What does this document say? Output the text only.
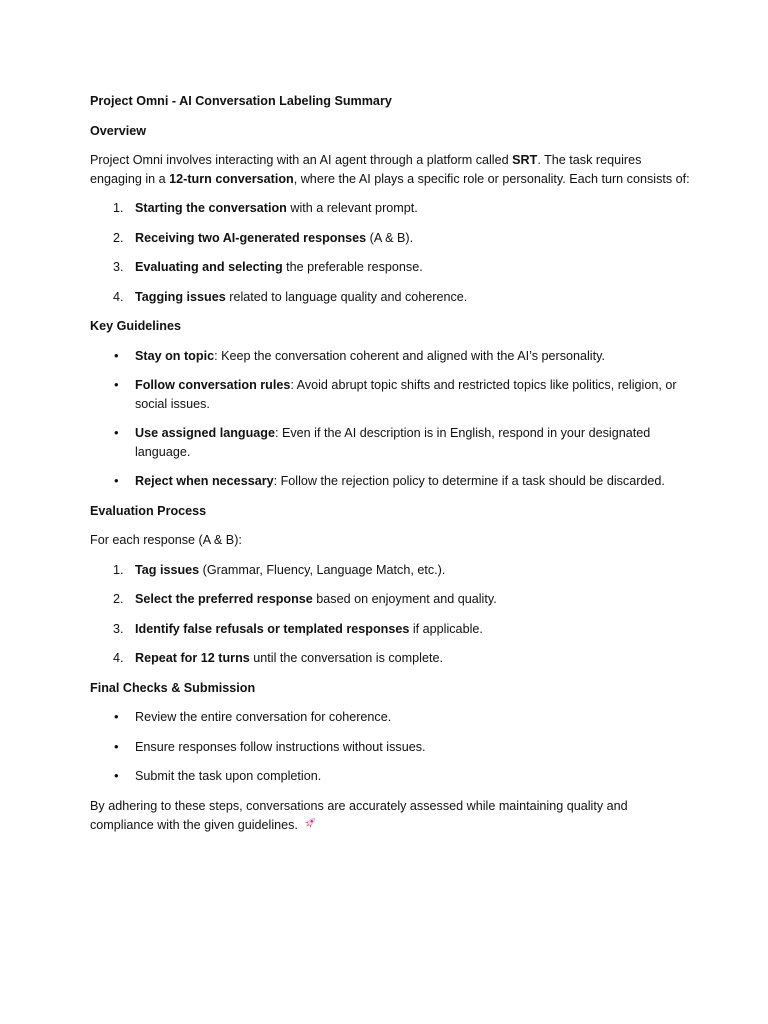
Project Omni - AI Conversation Labeling Summary

Overview

Project Omni involves interacting with an AI agent through a platform called SRT. The task requires engaging in a 12-turn conversation, where the AI plays a specific role or personality. Each turn consists of:

1. Starting the conversation with a relevant prompt.
2. Receiving two AI-generated responses (A & B).
3. Evaluating and selecting the preferable response.
4. Tagging issues related to language quality and coherence.

Key Guidelines

• Stay on topic: Keep the conversation coherent and aligned with the AI’s personality.
• Follow conversation rules: Avoid abrupt topic shifts and restricted topics like politics, religion, or social issues.
• Use assigned language: Even if the AI description is in English, respond in your designated language.
• Reject when necessary: Follow the rejection policy to determine if a task should be discarded.

Evaluation Process

For each response (A & B):

1. Tag issues (Grammar, Fluency, Language Match, etc.).
2. Select the preferred response based on enjoyment and quality.
3. Identify false refusals or templated responses if applicable.
4. Repeat for 12 turns until the conversation is complete.

Final Checks & Submission

• Review the entire conversation for coherence.
• Ensure responses follow instructions without issues.
• Submit the task upon completion.

By adhering to these steps, conversations are accurately assessed while maintaining quality and compliance with the given guidelines.
